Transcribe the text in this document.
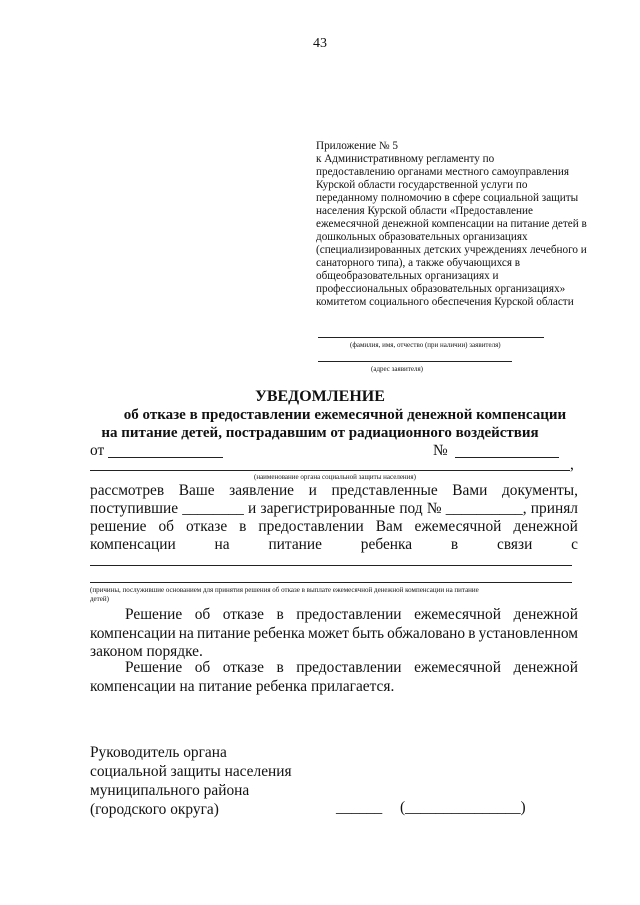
43
Приложение № 5
к Административному регламенту по
предоставлению органами местного самоуправления
Курской области государственной услуги по
переданному полномочию в сфере социальной защиты
населения Курской области «Предоставление
ежемесячной денежной компенсации на питание детей в
дошкольных образовательных организациях
(специализированных детских учреждениях лечебного и
санаторного типа), а также обучающихся в
общеобразовательных организациях и
профессиональных образовательных организациях»
комитетом социального обеспечения Курской области
(фамилия, имя, отчество (при наличии) заявителя)
(адрес заявителя)
УВЕДОМЛЕНИЕ
об отказе в предоставлении ежемесячной денежной компенсации
на питание детей, пострадавшим от радиационного воздействия
от	№
,
(наименование органа социальной защиты населения)
рассмотрев Ваше заявление и представленные Вами документы,
поступившие ________ и зарегистрированные под № __________, принял
решение об отказе в предоставлении Вам ежемесячной денежной
компенсации	на	питание	ребенка	в	связи	с
(причины, послужившие основанием для принятия решения об отказе в выплате ежемесячной денежной компенсации на питание
детей)
Решение об отказе в предоставлении ежемесячной денежной
компенсации на питание ребенка может быть обжаловано в установленном
законом порядке.
Решение об отказе в предоставлении ежемесячной денежной
компенсации на питание ребенка прилагается.
Руководитель органа
социальной защиты населения
муниципального района
(городского округа)	______ (_______________)
